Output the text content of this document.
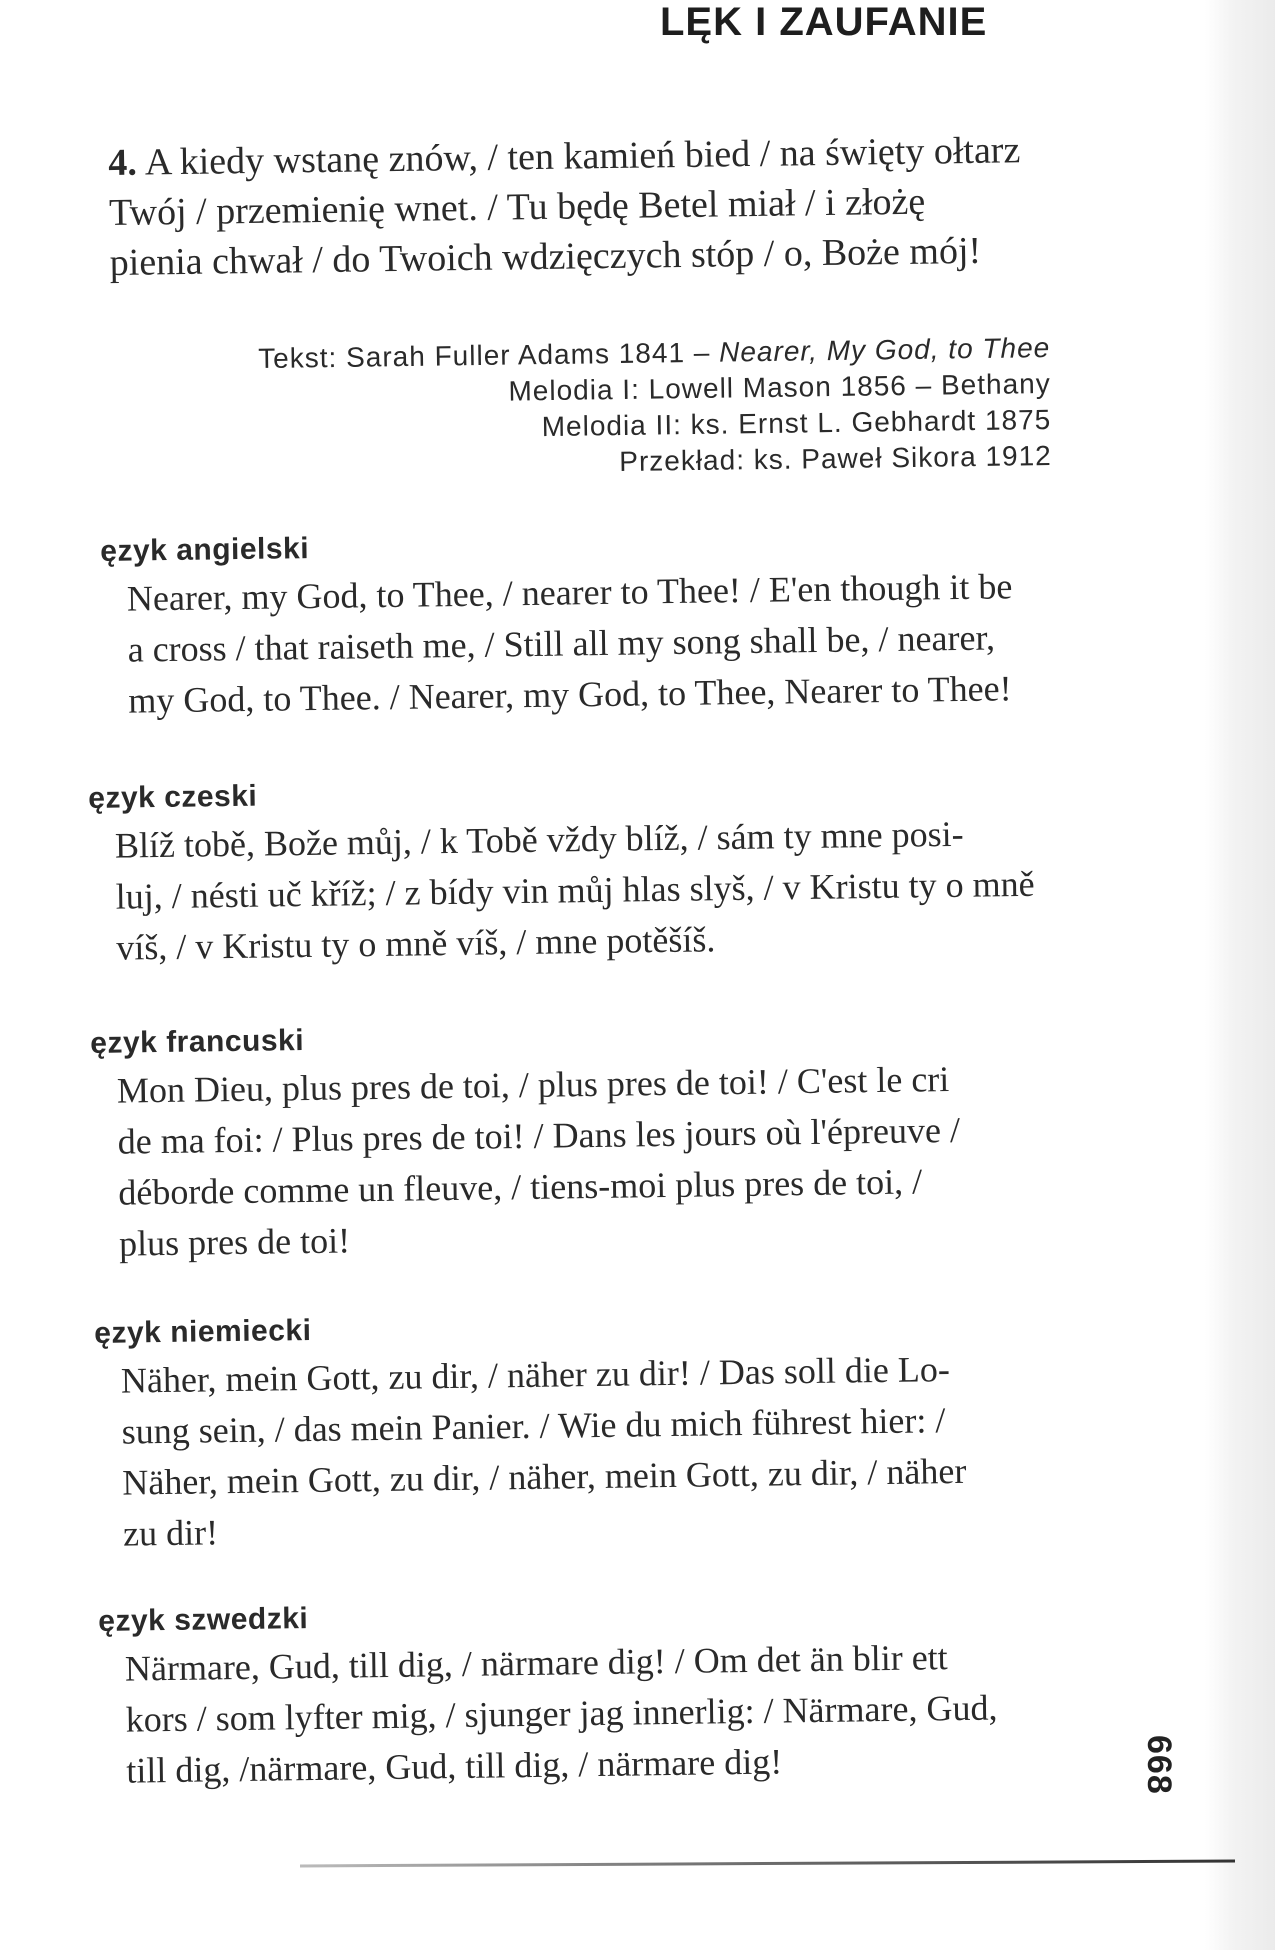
LĘK I ZAUFANIE
4. A kiedy wstanę znów, / ten kamień bied / na święty ołtarz
Twój / przemienię wnet. / Tu będę Betel miał / i złożę
pienia chwał / do Twoich wdzięczych stóp / o, Boże mój!
Tekst: Sarah Fuller Adams 1841 – Nearer, My God, to Thee
Melodia I: Lowell Mason 1856 – Bethany
Melodia II: ks. Ernst L. Gebhardt 1875
Przekład: ks. Paweł Sikora 1912
ęzyk angielski
Nearer, my God, to Thee, / nearer to Thee! / E'en though it be
a cross / that raiseth me, / Still all my song shall be, / nearer,
my God, to Thee. / Nearer, my God, to Thee, Nearer to Thee!
ęzyk czeski
Blíž tobě, Bože můj, / k Tobě vždy blíž, / sám ty mne posi-
luj, / nésti uč kříž; / z bídy vin můj hlas slyš, / v Kristu ty o mně
víš, / v Kristu ty o mně víš, / mne potěšíš.
ęzyk francuski
Mon Dieu, plus pres de toi, / plus pres de toi! / C'est le cri
de ma foi: / Plus pres de toi! / Dans les jours où l'épreuve /
déborde comme un fleuve, / tiens-moi plus pres de toi, /
plus pres de toi!
ęzyk niemiecki
Näher, mein Gott, zu dir, / näher zu dir! / Das soll die Lo-
sung sein, / das mein Panier. / Wie du mich führest hier: /
Näher, mein Gott, zu dir, / näher, mein Gott, zu dir, / näher
zu dir!
ęzyk szwedzki
Närmare, Gud, till dig, / närmare dig! / Om det än blir ett
kors / som lyfter mig, / sjunger jag innerlig: / Närmare, Gud,
till dig, /närmare, Gud, till dig, / närmare dig!	668
